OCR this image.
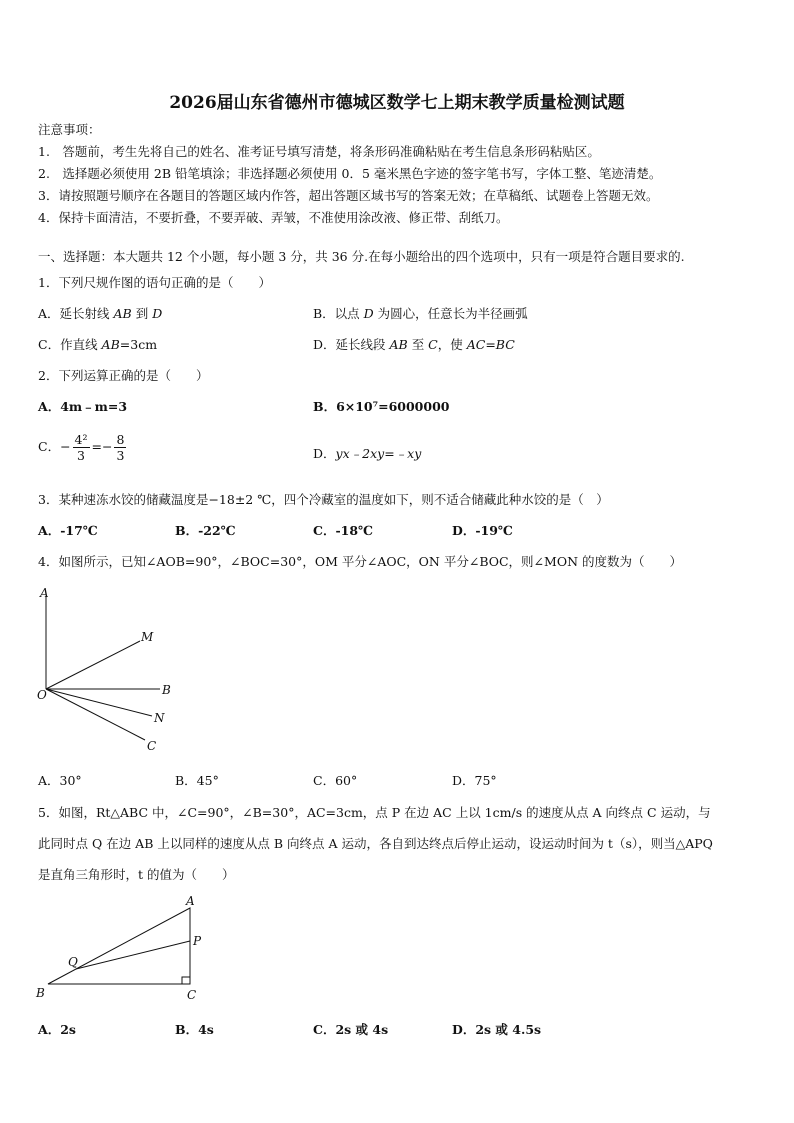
2026届山东省德州市德城区数学七上期末教学质量检测试题
注意事项：
1.　答题前，考生先将自己的姓名、准考证号填写清楚，将条形码准确粘贴在考生信息条形码粘贴区。
2.　选择题必须使用 2B 铅笔填涂；非选择题必须使用 0．5 毫米黑色字迹的签字笔书写，字体工整、笔迹清楚。
3．请按照题号顺序在各题目的答题区域内作答，超出答题区域书写的答案无效；在草稿纸、试题卷上答题无效。
4．保持卡面清洁，不要折叠，不要弄破、弄皱，不准使用涂改液、修正带、刮纸刀。
一、选择题：本大题共 12 个小题，每小题 3 分，共 36 分.在每小题给出的四个选项中，只有一项是符合题目要求的.
1．下列尺规作图的语句正确的是（　　）
A．延长射线 AB 到 D	B．以点 D 为圆心，任意长为半径画弧
C．作直线 AB=3cm	D．延长线段 AB 至 C，使 AC=BC
2．下列运算正确的是（　　）
A．4m﹣m=3	B．6×10⁷=6000000
C．− $\frac{\text{4²}}{3} =- \frac{8}{3}$	D．yx﹣2xy=﹣xy
3．某种速冻水饺的储藏温度是−18±2 ℃，四个冷藏室的温度如下，则不适合储藏此种水饺的是（　）
A．-17℃	B．-22℃	C．-18℃	D．-19℃
4．如图所示，已知∠AOB=90°，∠BOC=30°，OM 平分∠AOC，ON 平分∠BOC，则∠MON 的度数为（　　）
A
M
O	B
N
C
A．30°	B．45°	C．60°	D．75°
5．如图，Rt△ABC 中，∠C=90°，∠B=30°，AC=3cm，点 P 在边 AC 上以 1cm/s 的速度从点 A 向终点 C 运动，与
此同时点 Q 在边 AB 上以同样的速度从点 B 向终点 A 运动，各自到达终点后停止运动，设运动时间为 t（s），则当△APQ
是直角三角形时，t 的值为（　　）
A
P
Q
B	C
A．2s	B．4s	C．2s 或 4s	D．2s 或 4.5s
